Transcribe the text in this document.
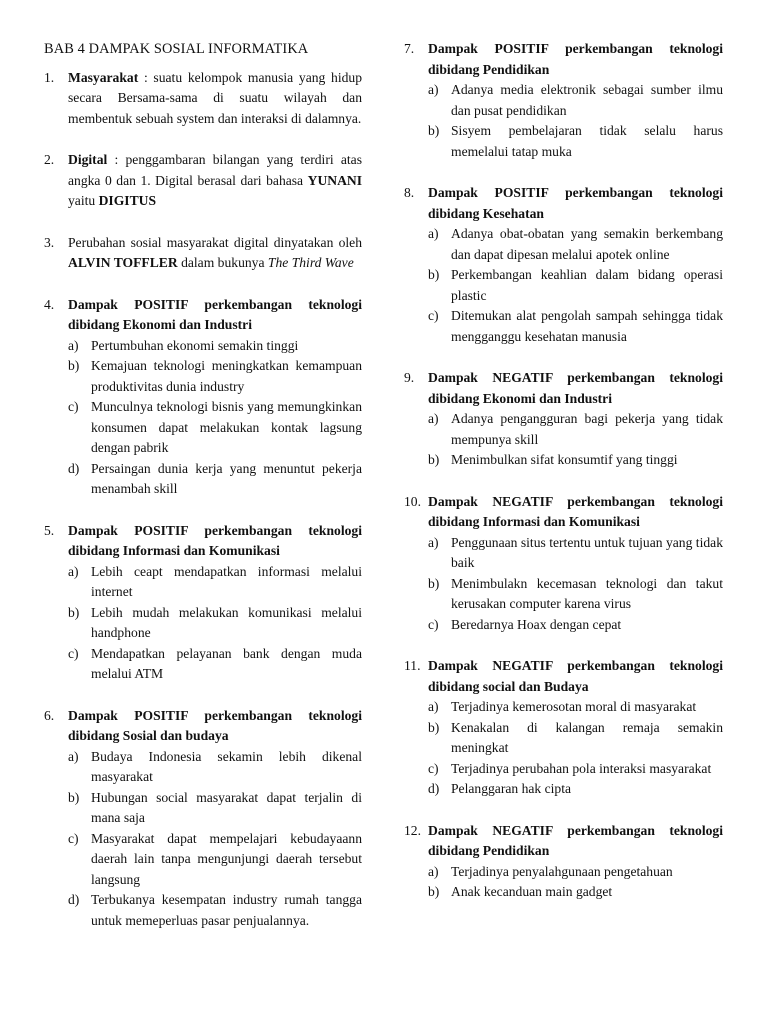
BAB 4 DAMPAK SOSIAL INFORMATIKA
1.	Masyarakat : suatu kelompok manusia yang hidup secara Bersama-sama di suatu wilayah dan membentuk sebuah system dan interaksi di dalamnya.
2.	Digital : penggambaran bilangan yang terdiri atas angka 0 dan 1. Digital berasal dari bahasa YUNANI yaitu DIGITUS
3.	Perubahan sosial masyarakat digital dinyatakan oleh ALVIN TOFFLER dalam bukunya The Third Wave
4.	Dampak POSITIF perkembangan teknologi dibidang Ekonomi dan Industri
a) Pertumbuhan ekonomi semakin tinggi
b) Kemajuan teknologi meningkatkan kemampuan produktivitas dunia industry
c) Munculnya teknologi bisnis yang memungkinkan konsumen dapat melakukan kontak lagsung dengan pabrik
d) Persaingan dunia kerja yang menuntut pekerja menambah skill
5.	Dampak POSITIF perkembangan teknologi dibidang Informasi dan Komunikasi
a) Lebih ceapt mendapatkan informasi melalui internet
b) Lebih mudah melakukan komunikasi melalui handphone
c) Mendapatkan pelayanan bank dengan muda melalui ATM
6.	Dampak POSITIF perkembangan teknologi dibidang Sosial dan budaya
a) Budaya Indonesia sekamin lebih dikenal masyarakat
b) Hubungan social masyarakat dapat terjalin di mana saja
c) Masyarakat dapat mempelajari kebudayaann daerah lain tanpa mengunjungi daerah tersebut langsung
d) Terbukanya kesempatan industry rumah tangga untuk memeperluas pasar penjualannya.
7.	Dampak POSITIF perkembangan teknologi dibidang Pendidikan
a) Adanya media elektronik sebagai sumber ilmu dan pusat pendidikan
b) Sisyem pembelajaran tidak selalu harus memelalui tatap muka
8.	Dampak POSITIF perkembangan teknologi dibidang Kesehatan
a) Adanya obat-obatan yang semakin berkembang dan dapat dipesan melalui apotek online
b) Perkembangan keahlian dalam bidang operasi plastic
c) Ditemukan alat pengolah sampah sehingga tidak mengganggu kesehatan manusia
9.	Dampak NEGATIF perkembangan teknologi dibidang Ekonomi dan Industri
a) Adanya pengangguran bagi pekerja yang tidak mempunya skill
b) Menimbulkan sifat konsumtif yang tinggi
10. Dampak NEGATIF perkembangan teknologi dibidang Informasi dan Komunikasi
a) Penggunaan situs tertentu untuk tujuan yang tidak baik
b) Menimbulakn kecemasan teknologi dan takut kerusakan computer karena virus
c) Beredarnya Hoax dengan cepat
11. Dampak NEGATIF perkembangan teknologi dibidang social dan Budaya
a) Terjadinya kemerosotan moral di masyarakat
b) Kenakalan di kalangan remaja semakin meningkat
c) Terjadinya perubahan pola interaksi masyarakat
d) Pelanggaran hak cipta
12. Dampak NEGATIF perkembangan teknologi dibidang Pendidikan
a) Terjadinya penyalahgunaan pengetahuan
b) Anak kecanduan main gadget
